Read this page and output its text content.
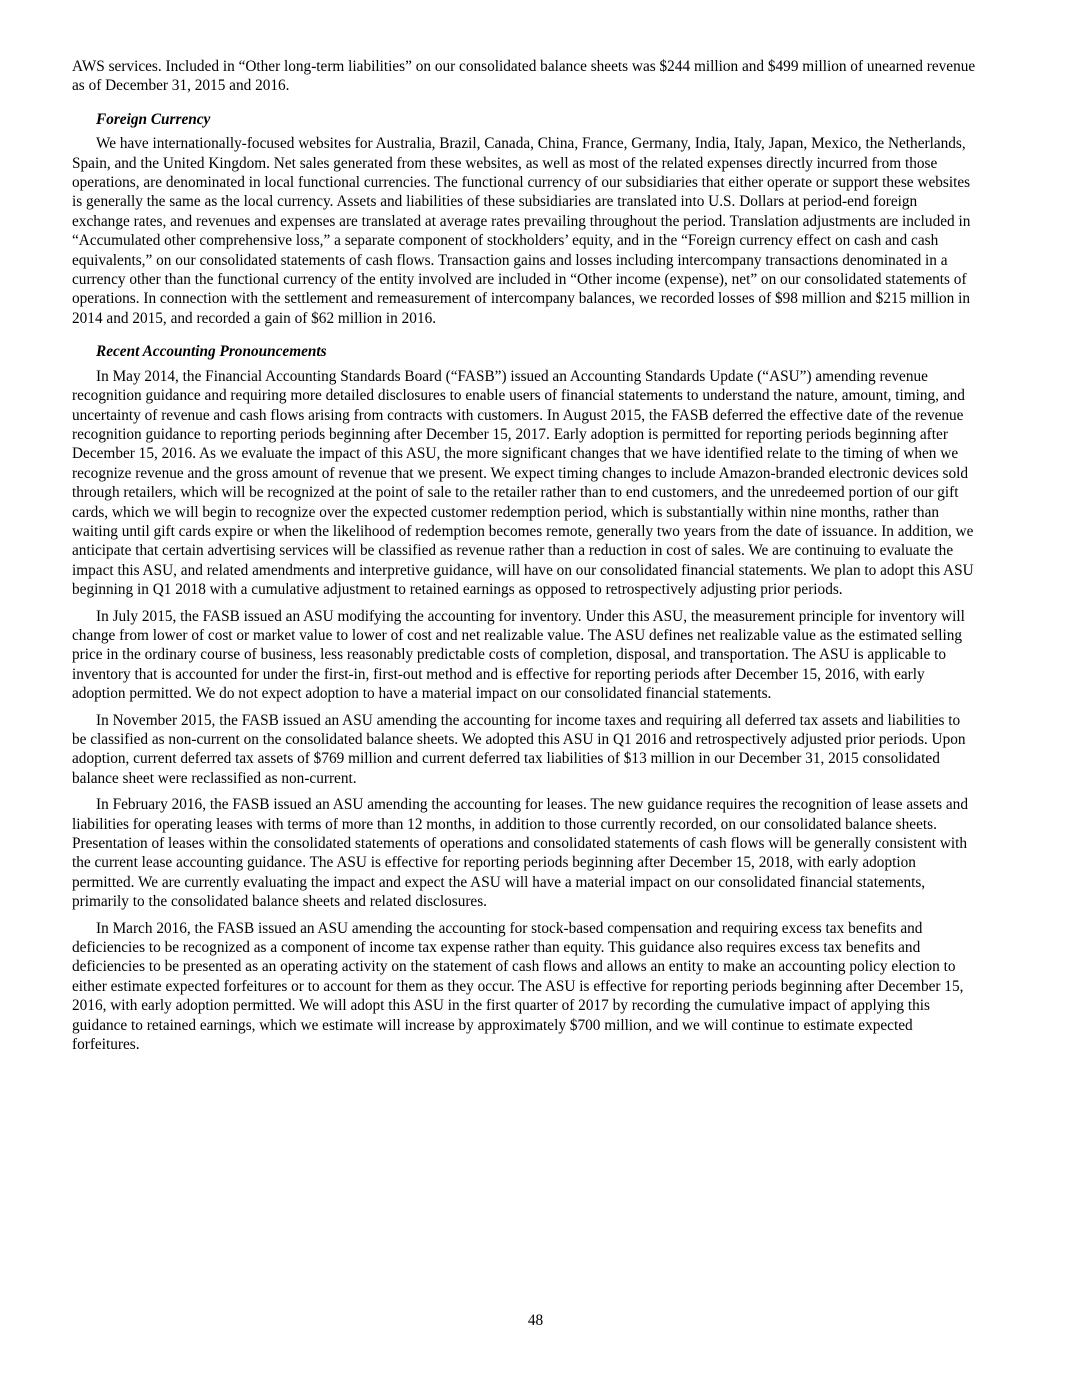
AWS services. Included in “Other long-term liabilities” on our consolidated balance sheets was $244 million and $499 million of unearned revenue as of December 31, 2015 and 2016.

Foreign Currency

We have internationally-focused websites for Australia, Brazil, Canada, China, France, Germany, India, Italy, Japan, Mexico, the Netherlands, Spain, and the United Kingdom. Net sales generated from these websites, as well as most of the related expenses directly incurred from those operations, are denominated in local functional currencies. The functional currency of our subsidiaries that either operate or support these websites is generally the same as the local currency. Assets and liabilities of these subsidiaries are translated into U.S. Dollars at period-end foreign exchange rates, and revenues and expenses are translated at average rates prevailing throughout the period. Translation adjustments are included in “Accumulated other comprehensive loss,” a separate component of stockholders’ equity, and in the “Foreign currency effect on cash and cash equivalents,” on our consolidated statements of cash flows. Transaction gains and losses including intercompany transactions denominated in a currency other than the functional currency of the entity involved are included in “Other income (expense), net” on our consolidated statements of operations. In connection with the settlement and remeasurement of intercompany balances, we recorded losses of $98 million and $215 million in 2014 and 2015, and recorded a gain of $62 million in 2016.

Recent Accounting Pronouncements

In May 2014, the Financial Accounting Standards Board (“FASB”) issued an Accounting Standards Update (“ASU”) amending revenue recognition guidance and requiring more detailed disclosures to enable users of financial statements to understand the nature, amount, timing, and uncertainty of revenue and cash flows arising from contracts with customers. In August 2015, the FASB deferred the effective date of the revenue recognition guidance to reporting periods beginning after December 15, 2017. Early adoption is permitted for reporting periods beginning after December 15, 2016. As we evaluate the impact of this ASU, the more significant changes that we have identified relate to the timing of when we recognize revenue and the gross amount of revenue that we present. We expect timing changes to include Amazon-branded electronic devices sold through retailers, which will be recognized at the point of sale to the retailer rather than to end customers, and the unredeemed portion of our gift cards, which we will begin to recognize over the expected customer redemption period, which is substantially within nine months, rather than waiting until gift cards expire or when the likelihood of redemption becomes remote, generally two years from the date of issuance. In addition, we anticipate that certain advertising services will be classified as revenue rather than a reduction in cost of sales. We are continuing to evaluate the impact this ASU, and related amendments and interpretive guidance, will have on our consolidated financial statements. We plan to adopt this ASU beginning in Q1 2018 with a cumulative adjustment to retained earnings as opposed to retrospectively adjusting prior periods.

In July 2015, the FASB issued an ASU modifying the accounting for inventory. Under this ASU, the measurement principle for inventory will change from lower of cost or market value to lower of cost and net realizable value. The ASU defines net realizable value as the estimated selling price in the ordinary course of business, less reasonably predictable costs of completion, disposal, and transportation. The ASU is applicable to inventory that is accounted for under the first-in, first-out method and is effective for reporting periods after December 15, 2016, with early adoption permitted. We do not expect adoption to have a material impact on our consolidated financial statements.

In November 2015, the FASB issued an ASU amending the accounting for income taxes and requiring all deferred tax assets and liabilities to be classified as non-current on the consolidated balance sheets. We adopted this ASU in Q1 2016 and retrospectively adjusted prior periods. Upon adoption, current deferred tax assets of $769 million and current deferred tax liabilities of $13 million in our December 31, 2015 consolidated balance sheet were reclassified as non-current.

In February 2016, the FASB issued an ASU amending the accounting for leases. The new guidance requires the recognition of lease assets and liabilities for operating leases with terms of more than 12 months, in addition to those currently recorded, on our consolidated balance sheets. Presentation of leases within the consolidated statements of operations and consolidated statements of cash flows will be generally consistent with the current lease accounting guidance. The ASU is effective for reporting periods beginning after December 15, 2018, with early adoption permitted. We are currently evaluating the impact and expect the ASU will have a material impact on our consolidated financial statements, primarily to the consolidated balance sheets and related disclosures.

In March 2016, the FASB issued an ASU amending the accounting for stock-based compensation and requiring excess tax benefits and deficiencies to be recognized as a component of income tax expense rather than equity. This guidance also requires excess tax benefits and deficiencies to be presented as an operating activity on the statement of cash flows and allows an entity to make an accounting policy election to either estimate expected forfeitures or to account for them as they occur. The ASU is effective for reporting periods beginning after December 15, 2016, with early adoption permitted. We will adopt this ASU in the first quarter of 2017 by recording the cumulative impact of applying this guidance to retained earnings, which we estimate will increase by approximately $700 million, and we will continue to estimate expected forfeitures.

48
